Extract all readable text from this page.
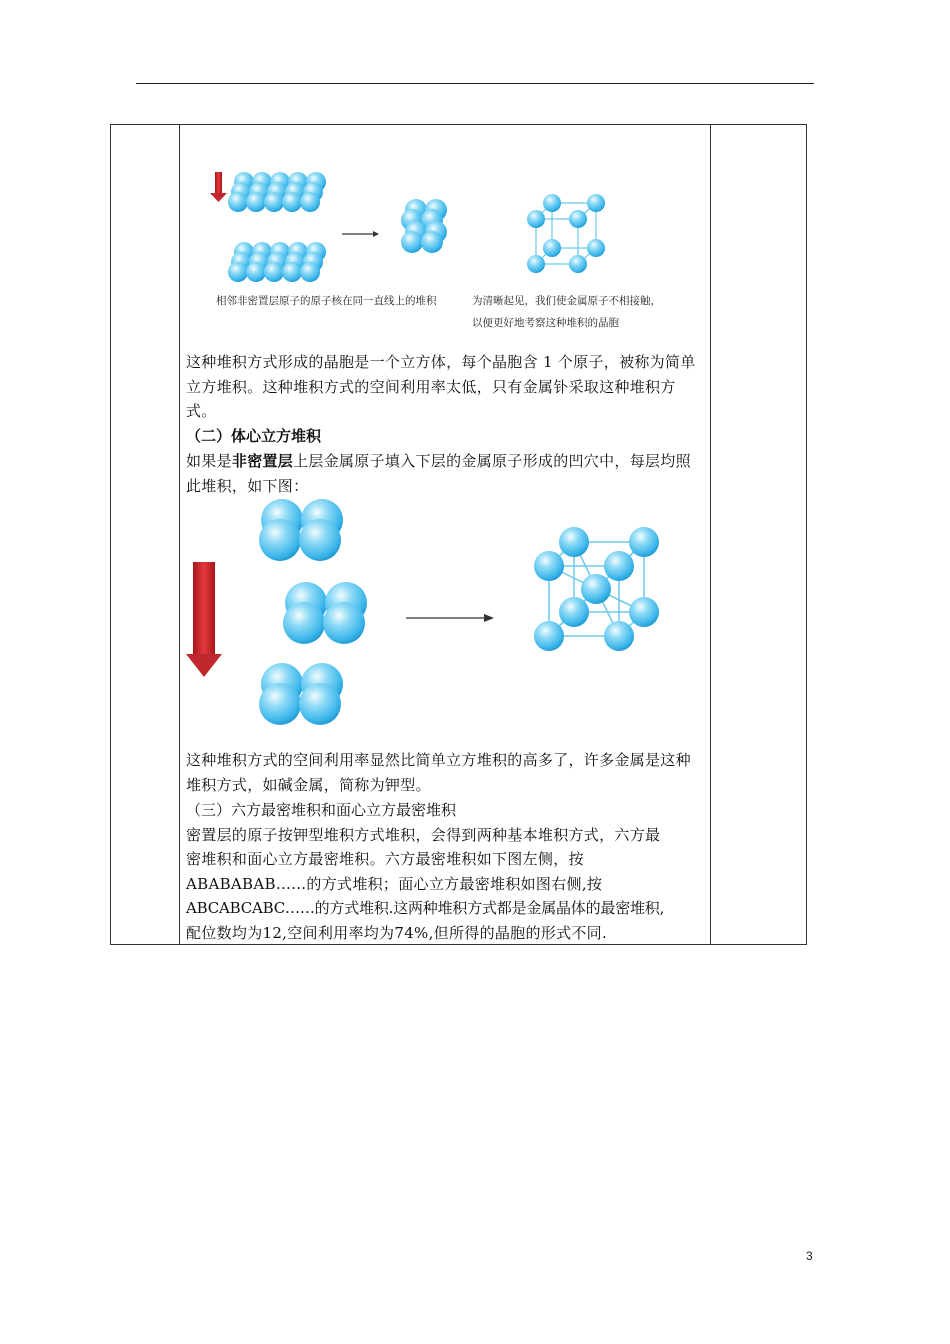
相邻非密置层原子的原子核在同一直线上的堆积	为清晰起见，我们使金属原子不相接触，
以便更好地考察这种堆积的晶胞
这种堆积方式形成的晶胞是一个立方体，每个晶胞含 1 个原子，被称为简单立方堆积。这种堆积方式的空间利用率太低，只有金属钋采取这种堆积方式。
（二）体心立方堆积
如果是非密置层上层金属原子填入下层的金属原子形成的凹穴中，每层均照此堆积，如下图：
这种堆积方式的空间利用率显然比简单立方堆积的高多了，许多金属是这种堆积方式，如碱金属，简称为钾型。
（三）六方最密堆积和面心立方最密堆积
密置层的原子按钾型堆积方式堆积，会得到两种基本堆积方式，六方最
密堆积和面心立方最密堆积。六方最密堆积如下图左侧，按
ABABABAB……的方式堆积；面心立方最密堆积如图右侧,按
ABCABCABC……的方式堆积.这两种堆积方式都是金属晶体的最密堆积,
配位数均为12,空间利用率均为74%,但所得的晶胞的形式不同.
3
